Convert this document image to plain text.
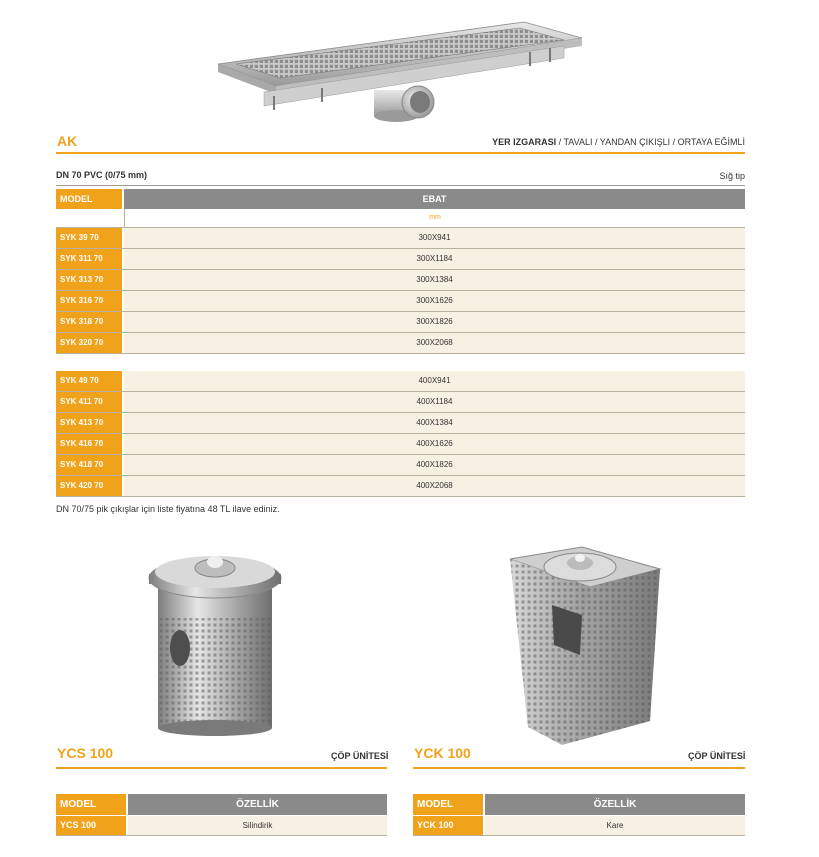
AK	YER IZGARASI / TAVALI / YANDAN ÇIKIŞLI / ORTAYA EĞİMLİ
DN 70 PVC (0/75 mm)	Sığ tip
MODEL	EBAT
mm
SYK 39 70	300X941
SYK 311 70	300X1184
SYK 313 70	300X1384
SYK 316 70	300X1626
SYK 318 70	300X1826
SYK 320 70	300X2068
SYK 49 70	400X941
SYK 411 70	400X1184
SYK 413 70	400X1384
SYK 416 70	400X1626
SYK 418 70	400X1826
SYK 420 70	400X2068
DN 70/75 pik çıkışlar için liste fiyatına 48 TL ilave ediniz.
YCS 100	ÇÖP ÜNİTESİ
MODEL	ÖZELLİK
YCS 100	Silindirik
YCK 100	ÇÖP ÜNİTESİ
MODEL	ÖZELLİK
YCK 100	Kare
